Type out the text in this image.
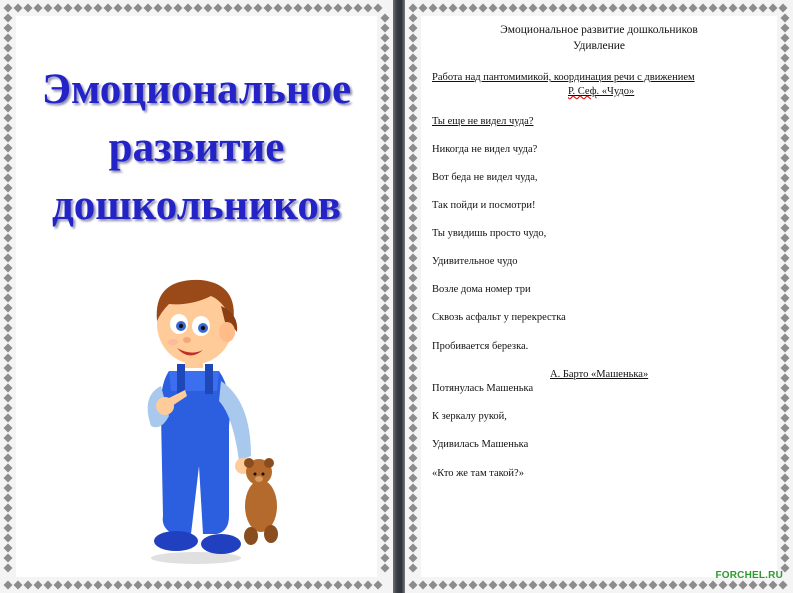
Эмоциональное
развитие
дошкольников
Эмоциональное развитие дошкольников
Удивление
Работа над пантомимикой, координация речи с движением
Р. Сеф. «Чудо»
Ты еще не видел чуда?
Никогда не видел чуда?
Вот беда не видел чуда,
Так пойди и посмотри!
Ты увидишь просто чудо,
Удивительное чудо
Возле дома номер три
Сквозь асфальт у перекрестка
Пробивается березка.
А. Барто «Машенька»
Потянулась Машенька
К зеркалу рукой,
Удивилась Машенька
«Кто же там такой?»
FORCHEL.RU
